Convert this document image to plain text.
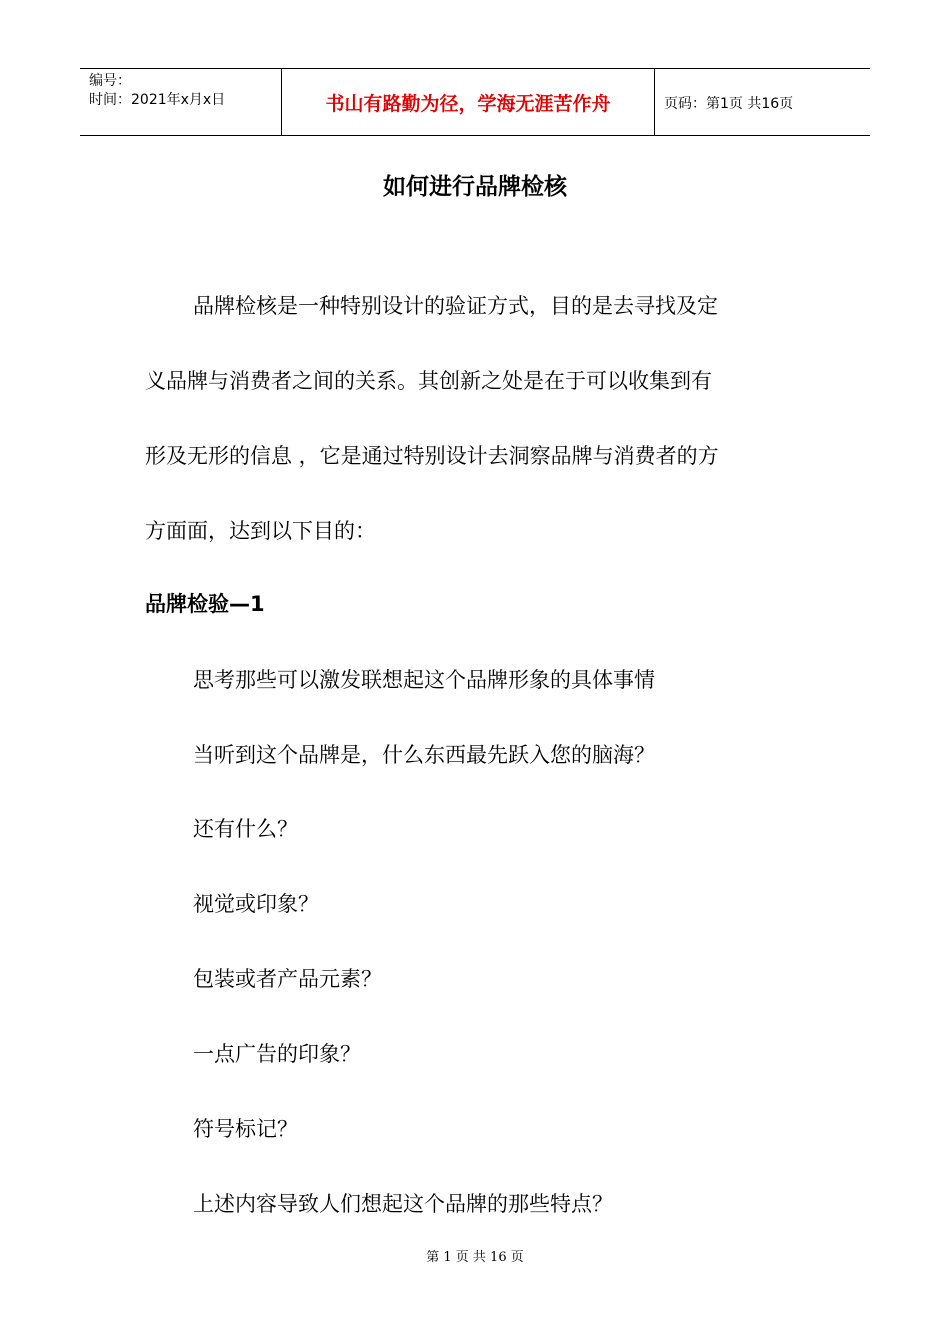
编号：
时间：2021年x月x日	书山有路勤为径，学海无涯苦作舟	页码：第1页 共16页
如何进行品牌检核
品牌检核是一种特别设计的验证方式，目的是去寻找及定
义品牌与消费者之间的关系。其创新之处是在于可以收集到有
形及无形的信息 ，它是通过特别设计去洞察品牌与消费者的方
方面面，达到以下目的：
品牌检验—1
思考那些可以激发联想起这个品牌形象的具体事情
当听到这个品牌是，什么东西最先跃入您的脑海？
还有什么？
视觉或印象？
包装或者产品元素？
一点广告的印象？
符号标记？
上述内容导致人们想起这个品牌的那些特点？
第 1 页 共 16 页
